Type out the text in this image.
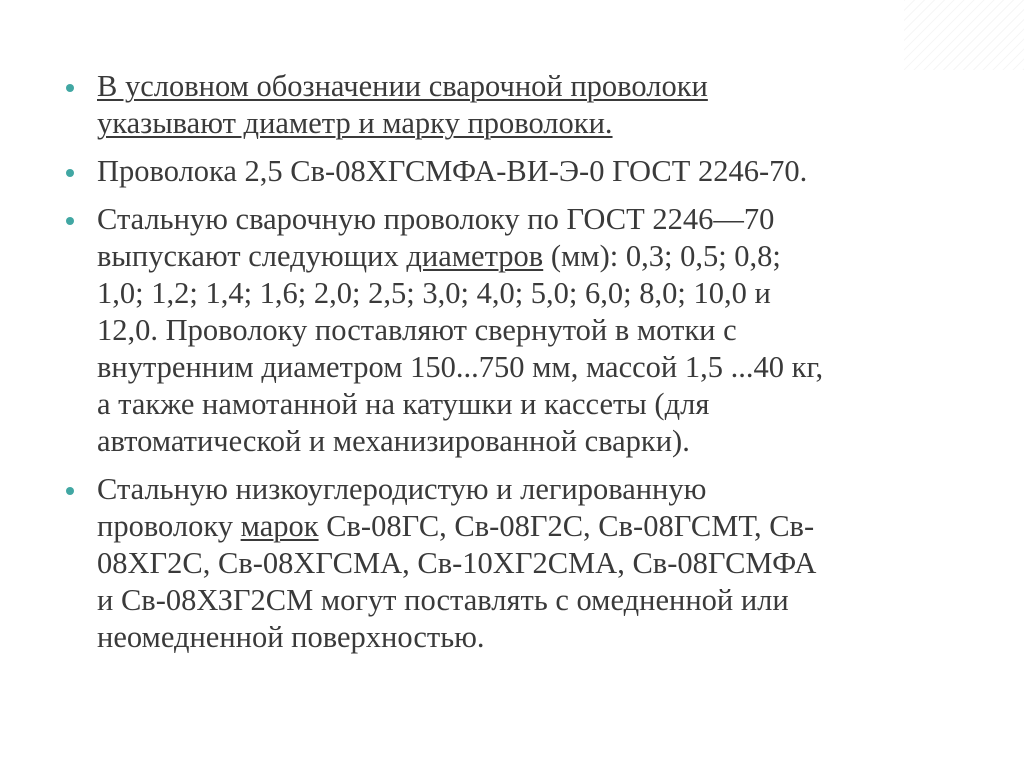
В условном обозначении сварочной проволоки
указывают диаметр и марку проволоки.
Проволока 2,5 Св-08ХГСМФА-ВИ-Э-0 ГОСТ 2246-70.
Стальную сварочную проволоку по ГОСТ 2246—70
выпускают следующих диаметров (мм): 0,3; 0,5; 0,8;
1,0; 1,2; 1,4; 1,6; 2,0; 2,5; 3,0; 4,0; 5,0; 6,0; 8,0; 10,0 и
12,0. Проволоку поставляют свернутой в мотки с
внутренним диаметром 150...750 мм, массой 1,5 ...40 кг,
а также намотанной на катушки и кассеты (для
автоматической и механизированной сварки).
Стальную низкоуглеродистую и легированную
проволоку марок Св-08ГС, Св-08Г2С, Св-08ГСМТ, Св-
08ХГ2С, Св-08ХГСМА, Св-10ХГ2СМА, Св-08ГСМФА
и Св-08ХЗГ2СМ могут поставлять с омедненной или
неомедненной поверхностью.
